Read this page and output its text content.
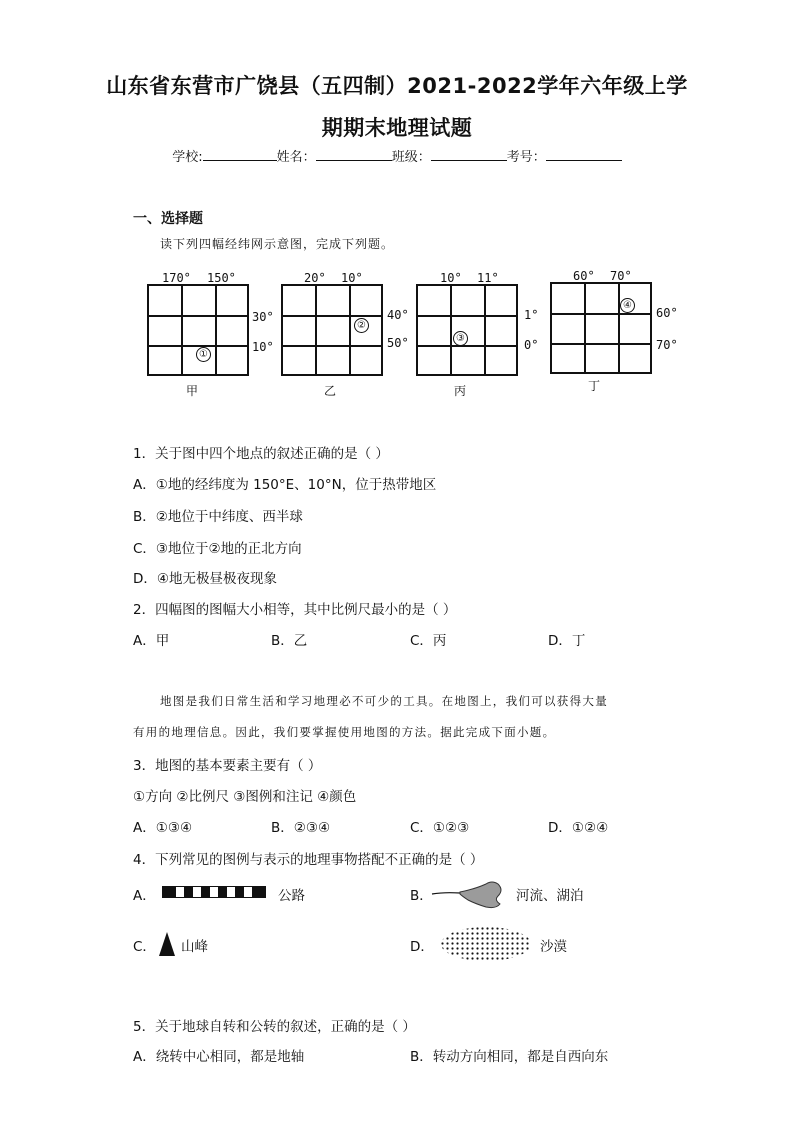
山东省东营市广饶县（五四制）2021-2022学年六年级上学
期期末地理试题
学校:	姓名：	班级：	考号：
一、选择题
读下列四幅经纬网示意图，完成下列题。
170° 150°
①
30°
10°
甲
20° 10°
②
40°
50°
乙
10° 11°
③
1°
0°
丙
60° 70°
④
60°
70°
丁
1．关于图中四个地点的叙述正确的是（ ）
A．①地的经纬度为 150°E、10°N，位于热带地区
B．②地位于中纬度、西半球
C．③地位于②地的正北方向
D．④地无极昼极夜现象
2．四幅图的图幅大小相等，其中比例尺最小的是（ ）
A．甲	B．乙	C．丙	D．丁
地图是我们日常生活和学习地理必不可少的工具。在地图上，我们可以获得大量
有用的地理信息。因此，我们要掌握使用地图的方法。据此完成下面小题。
3．地图的基本要素主要有（ ）
①方向 ②比例尺 ③图例和注记 ④颜色
A．①③④	B．②③④	C．①②③	D．①②④
4．下列常见的图例与表示的地理事物搭配不正确的是（ ）
A．	公路	B．	河流、湖泊
C． 山峰	D．	沙漠
5．关于地球自转和公转的叙述，正确的是（ ）
A．绕转中心相同，都是地轴	B．转动方向相同，都是自西向东
